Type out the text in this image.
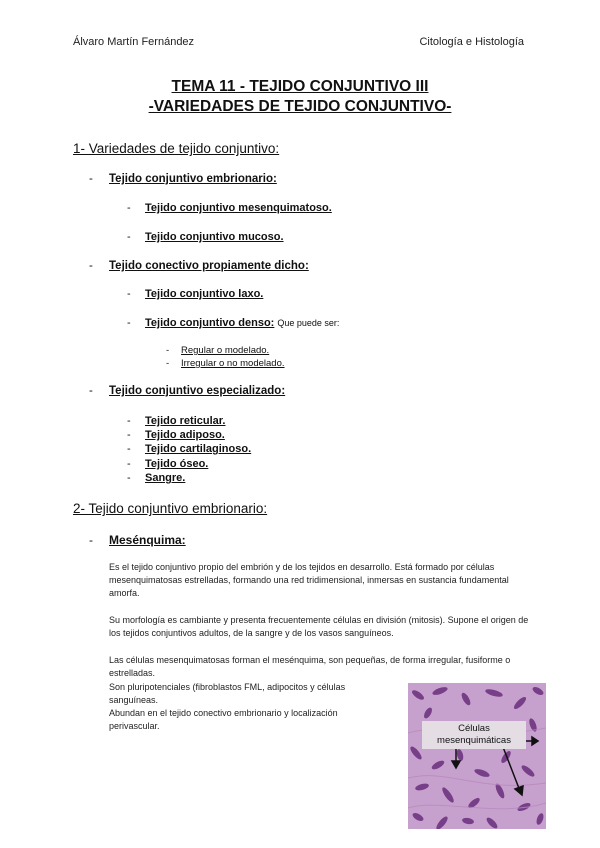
Álvaro Martín Fernández	Citología e Histología
TEMA 11 - TEJIDO CONJUNTIVO III
-VARIEDADES DE TEJIDO CONJUNTIVO-
1- Variedades de tejido conjuntivo:
- Tejido conjuntivo embrionario:
- Tejido conjuntivo mesenquimatoso.
- Tejido conjuntivo mucoso.
- Tejido conectivo propiamente dicho:
- Tejido conjuntivo laxo.
- Tejido conjuntivo denso: Que puede ser:
- Regular o modelado.
- Irregular o no modelado.
- Tejido conjuntivo especializado:
- Tejido reticular.
- Tejido adiposo.
- Tejido cartilaginoso.
- Tejido óseo.
- Sangre.
2- Tejido conjuntivo embrionario:
- Mesénquima:
Es el tejido conjuntivo propio del embrión y de los tejidos en desarrollo. Está formado por células mesenquimatosas estrelladas, formando una red tridimensional, inmersas en sustancia fundamental amorfa.
Su morfología es cambiante y presenta frecuentemente células en división (mitosis). Supone el origen de los tejidos conjuntivos adultos, de la sangre y de los vasos sanguíneos.
Las células mesenquimatosas forman el mesénquima, son pequeñas, de forma irregular, fusiforme o estrelladas.
Son pluripotenciales (fibroblastos FML, adipocitos y células
sanguíneas.
Abundan en el tejido conectivo embrionario y localización
perivascular.	Células
mesenquimáticas
